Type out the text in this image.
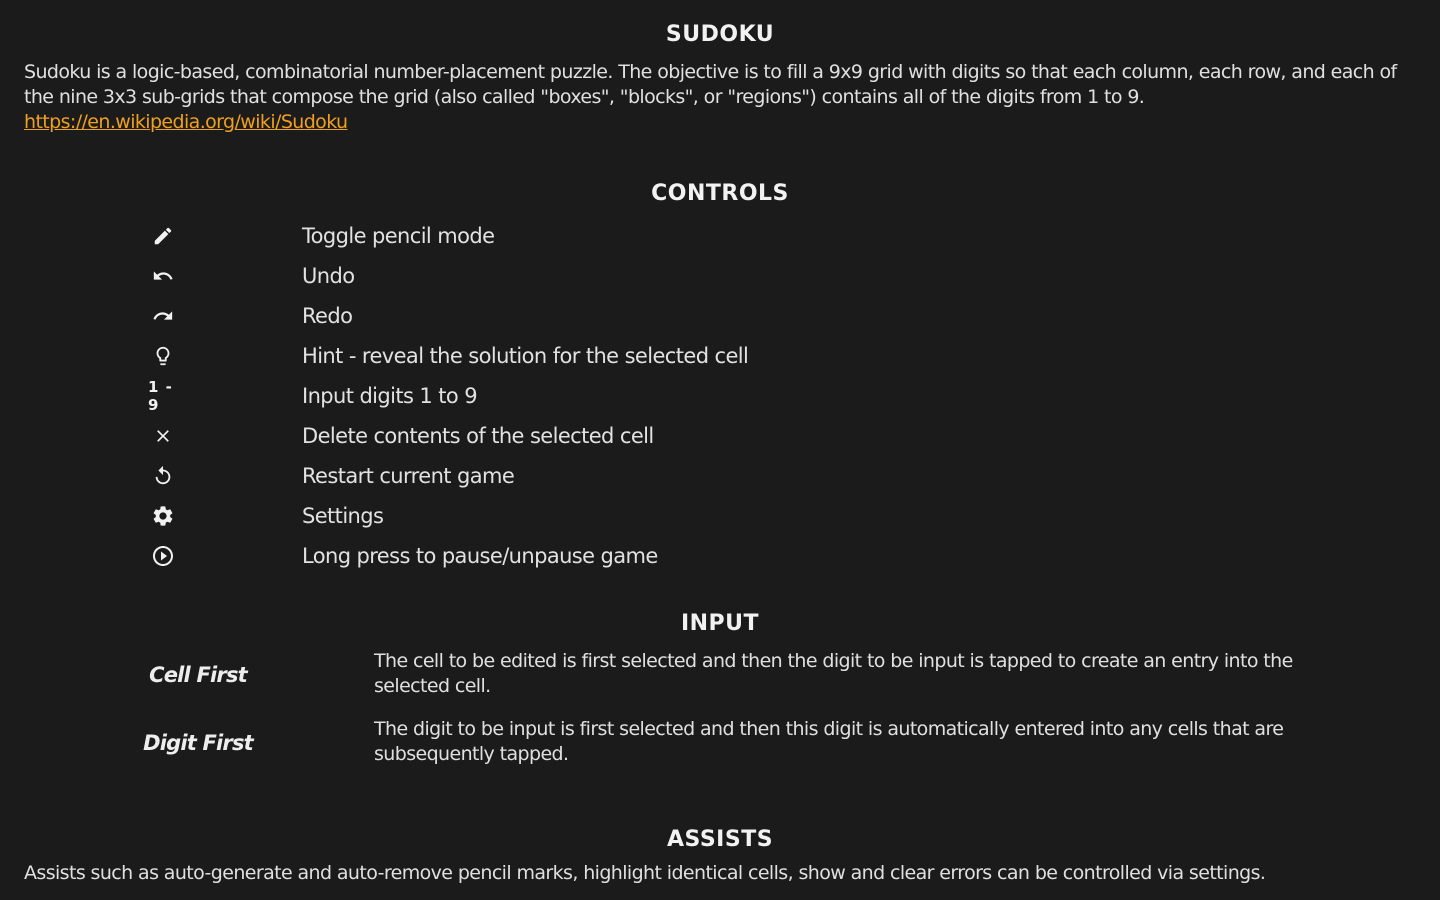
SUDOKU

Sudoku is a logic-based, combinatorial number-placement puzzle. The objective is to fill a 9x9 grid with digits so that each column, each row, and each of the nine 3x3 sub-grids that compose the grid (also called "boxes", "blocks", or "regions") contains all of the digits from 1 to 9.

https://en.wikipedia.org/wiki/Sudoku
CONTROLS
Toggle pencil mode
Undo
Redo
Hint - reveal the solution for the selected cell
1 - 9	Input digits 1 to 9
Delete contents of the selected cell
Restart current game
Settings
Long press to pause/unpause game
INPUT
Cell First
The cell to be edited is first selected and then the digit to be input is tapped to create an entry into the selected cell.
Digit First
The digit to be input is first selected and then this digit is automatically entered into any cells that are subsequently tapped.
ASSISTS

Assists such as auto-generate and auto-remove pencil marks, highlight identical cells, show and clear errors can be controlled via settings.
